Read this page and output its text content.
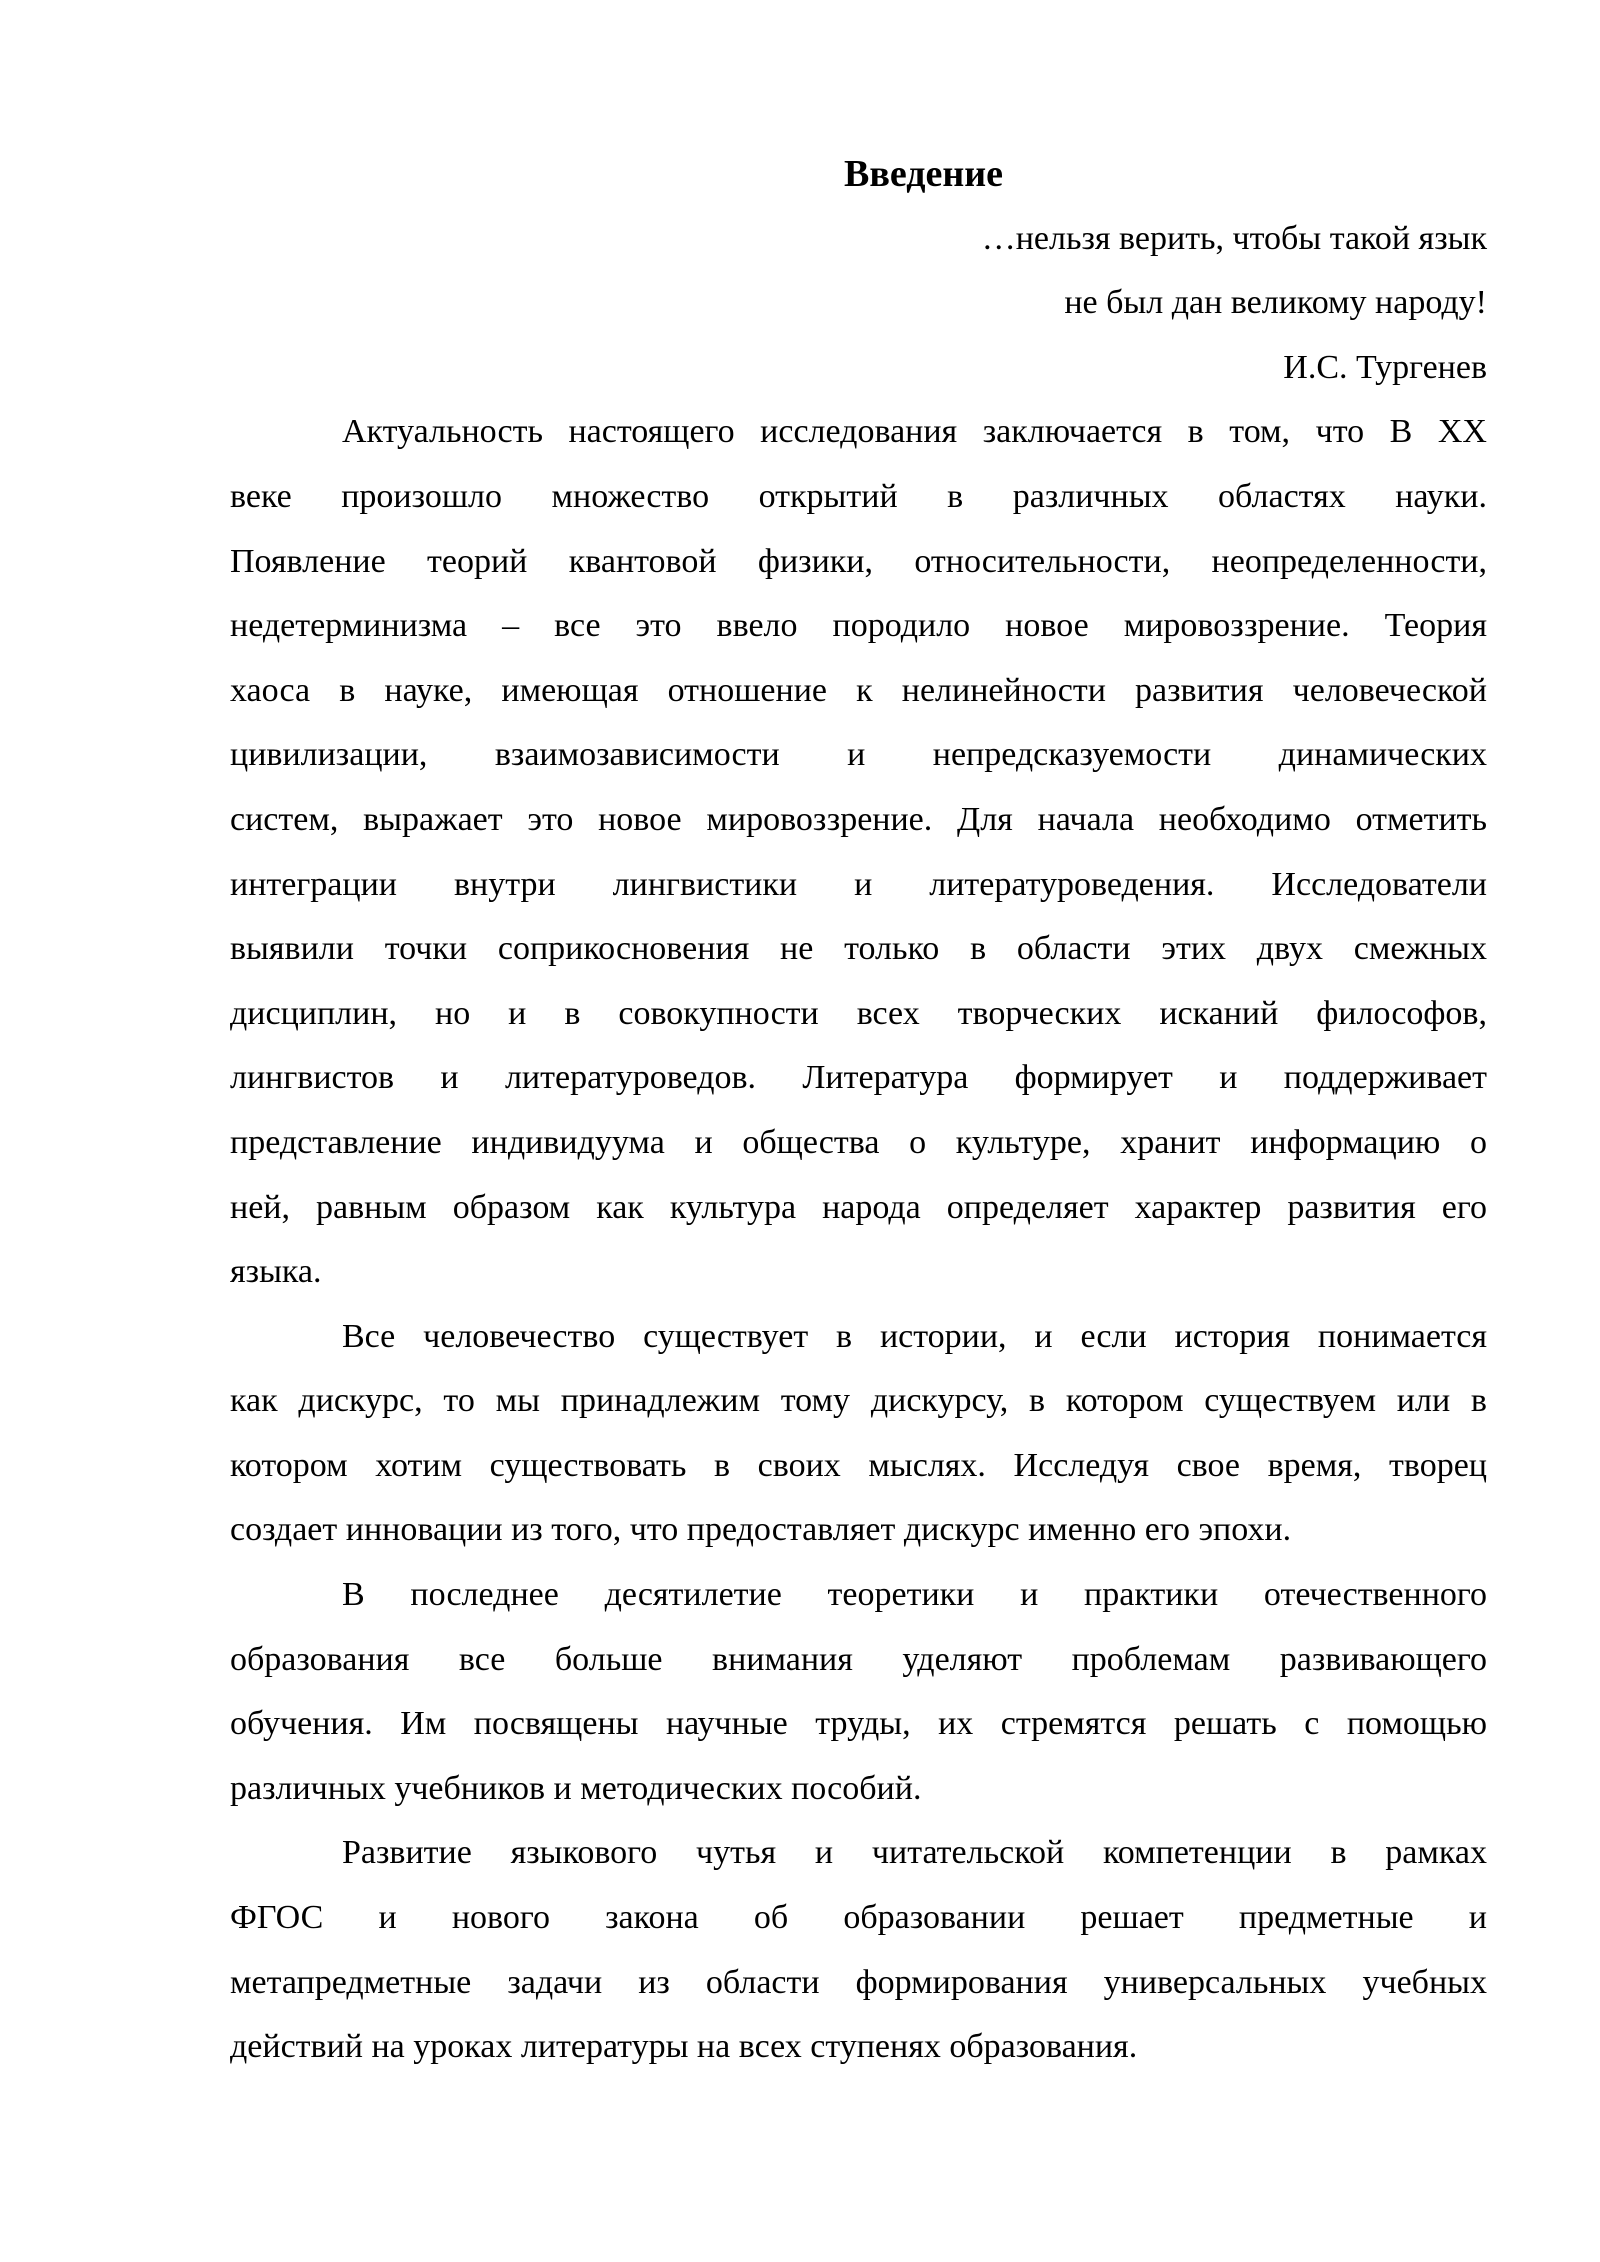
Введение
…нельзя верить, чтобы такой язык
не был дан великому народу!
И.С. Тургенев
Актуальность настоящего исследования заключается в том, что В ХХ
веке произошло множество открытий в различных областях науки.
Появление теорий квантовой физики, относительности, неопределенности,
недетерминизма – все это ввело породило новое мировоззрение. Теория
хаоса в науке, имеющая отношение к нелинейности развития человеческой
цивилизации, взаимозависимости и непредсказуемости динамических
систем, выражает это новое мировоззрение. Для начала необходимо отметить
интеграции внутри лингвистики и литературоведения. Исследователи
выявили точки соприкосновения не только в области этих двух смежных
дисциплин, но и в совокупности всех творческих исканий философов,
лингвистов и литературоведов. Литература формирует и поддерживает
представление индивидуума и общества о культуре, хранит информацию о
ней, равным образом как культура народа определяет характер развития его
языка.
Все человечество существует в истории, и если история понимается
как дискурс, то мы принадлежим тому дискурсу, в котором существуем или в
котором хотим существовать в своих мыслях. Исследуя свое время, творец
создает инновации из того, что предоставляет дискурс именно его эпохи.
В последнее десятилетие теоретики и практики отечественного
образования все больше внимания уделяют проблемам развивающего
обучения. Им посвящены научные труды, их стремятся решать с помощью
различных учебников и методических пособий.
Развитие языкового чутья и читательской компетенции в рамках
ФГОС и нового закона об образовании решает предметные и
метапредметные задачи из области формирования универсальных учебных
действий на уроках литературы на всех ступенях образования.
